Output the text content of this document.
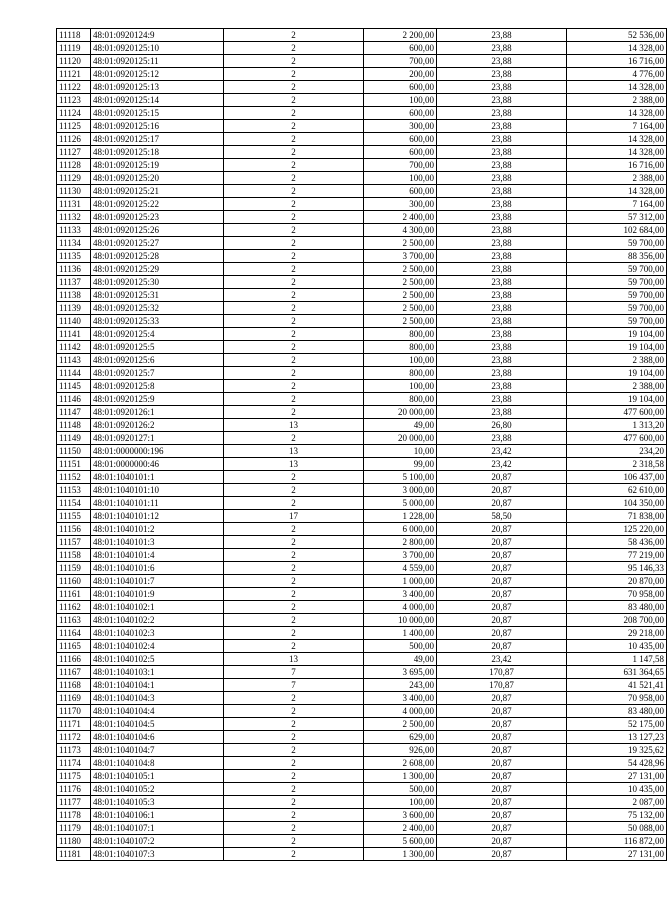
11118	48:01:0920124:9	2	2 200,00	23,88	52 536,00
11119	48:01:0920125:10	2	600,00	23,88	14 328,00
11120	48:01:0920125:11	2	700,00	23,88	16 716,00
11121	48:01:0920125:12	2	200,00	23,88	4 776,00
11122	48:01:0920125:13	2	600,00	23,88	14 328,00
11123	48:01:0920125:14	2	100,00	23,88	2 388,00
11124	48:01:0920125:15	2	600,00	23,88	14 328,00
11125	48:01:0920125:16	2	300,00	23,88	7 164,00
11126	48:01:0920125:17	2	600,00	23,88	14 328,00
11127	48:01:0920125:18	2	600,00	23,88	14 328,00
11128	48:01:0920125:19	2	700,00	23,88	16 716,00
11129	48:01:0920125:20	2	100,00	23,88	2 388,00
11130	48:01:0920125:21	2	600,00	23,88	14 328,00
11131	48:01:0920125:22	2	300,00	23,88	7 164,00
11132	48:01:0920125:23	2	2 400,00	23,88	57 312,00
11133	48:01:0920125:26	2	4 300,00	23,88	102 684,00
11134	48:01:0920125:27	2	2 500,00	23,88	59 700,00
11135	48:01:0920125:28	2	3 700,00	23,88	88 356,00
11136	48:01:0920125:29	2	2 500,00	23,88	59 700,00
11137	48:01:0920125:30	2	2 500,00	23,88	59 700,00
11138	48:01:0920125:31	2	2 500,00	23,88	59 700,00
11139	48:01:0920125:32	2	2 500,00	23,88	59 700,00
11140	48:01:0920125:33	2	2 500,00	23,88	59 700,00
11141	48:01:0920125:4	2	800,00	23,88	19 104,00
11142	48:01:0920125:5	2	800,00	23,88	19 104,00
11143	48:01:0920125:6	2	100,00	23,88	2 388,00
11144	48:01:0920125:7	2	800,00	23,88	19 104,00
11145	48:01:0920125:8	2	100,00	23,88	2 388,00
11146	48:01:0920125:9	2	800,00	23,88	19 104,00
11147	48:01:0920126:1	2	20 000,00	23,88	477 600,00
11148	48:01:0920126:2	13	49,00	26,80	1 313,20
11149	48:01:0920127:1	2	20 000,00	23,88	477 600,00
11150	48:01:0000000:196	13	10,00	23,42	234,20
11151	48:01:0000000:46	13	99,00	23,42	2 318,58
11152	48:01:1040101:1	2	5 100,00	20,87	106 437,00
11153	48:01:1040101:10	2	3 000,00	20,87	62 610,00
11154	48:01:1040101:11	2	5 000,00	20,87	104 350,00
11155	48:01:1040101:12	17	1 228,00	58,50	71 838,00
11156	48:01:1040101:2	2	6 000,00	20,87	125 220,00
11157	48:01:1040101:3	2	2 800,00	20,87	58 436,00
11158	48:01:1040101:4	2	3 700,00	20,87	77 219,00
11159	48:01:1040101:6	2	4 559,00	20,87	95 146,33
11160	48:01:1040101:7	2	1 000,00	20,87	20 870,00
11161	48:01:1040101:9	2	3 400,00	20,87	70 958,00
11162	48:01:1040102:1	2	4 000,00	20,87	83 480,00
11163	48:01:1040102:2	2	10 000,00	20,87	208 700,00
11164	48:01:1040102:3	2	1 400,00	20,87	29 218,00
11165	48:01:1040102:4	2	500,00	20,87	10 435,00
11166	48:01:1040102:5	13	49,00	23,42	1 147,58
11167	48:01:1040103:1	7	3 695,00	170,87	631 364,65
11168	48:01:1040104:1	7	243,00	170,87	41 521,41
11169	48:01:1040104:3	2	3 400,00	20,87	70 958,00
11170	48:01:1040104:4	2	4 000,00	20,87	83 480,00
11171	48:01:1040104:5	2	2 500,00	20,87	52 175,00
11172	48:01:1040104:6	2	629,00	20,87	13 127,23
11173	48:01:1040104:7	2	926,00	20,87	19 325,62
11174	48:01:1040104:8	2	2 608,00	20,87	54 428,96
11175	48:01:1040105:1	2	1 300,00	20,87	27 131,00
11176	48:01:1040105:2	2	500,00	20,87	10 435,00
11177	48:01:1040105:3	2	100,00	20,87	2 087,00
11178	48:01:1040106:1	2	3 600,00	20,87	75 132,00
11179	48:01:1040107:1	2	2 400,00	20,87	50 088,00
11180	48:01:1040107:2	2	5 600,00	20,87	116 872,00
11181	48:01:1040107:3	2	1 300,00	20,87	27 131,00
